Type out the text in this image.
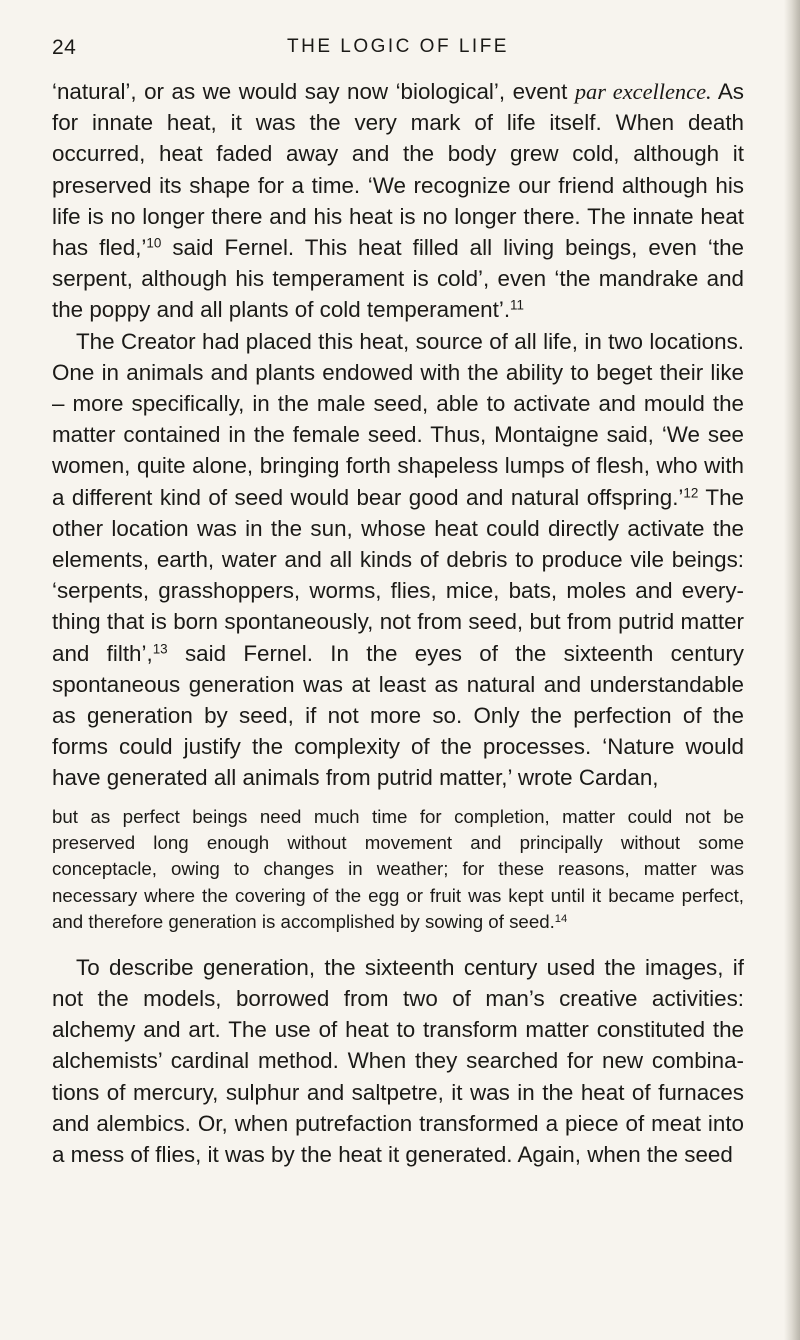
24	THE LOGIC OF LIFE

‘natural’, or as we would say now ‘biological’, event par excellence. As for innate heat, it was the very mark of life itself. When death occurred, heat faded away and the body grew cold, although it preserved its shape for a time. ‘We recognize our friend although his life is no longer there and his heat is no longer there. The innate heat has fled,’$^{10}$ said Fernel. This heat filled all living beings, even ‘the serpent, although his temperament is cold’, even ‘the mandrake and the poppy and all plants of cold temperament’.$^{11}$

The Creator had placed this heat, source of all life, in two locations. One in animals and plants endowed with the ability to beget their like – more specifically, in the male seed, able to activate and mould the matter contained in the female seed. Thus, Montaigne said, ‘We see women, quite alone, bringing forth shapeless lumps of flesh, who with a different kind of seed would bear good and natural offspring.’$^{12}$ The other location was in the sun, whose heat could directly activate the elements, earth, water and all kinds of debris to produce vile beings: ‘serpents, grasshoppers, worms, flies, mice, bats, moles and every-thing that is born spontaneously, not from seed, but from putrid matter and filth’,$^{13}$ said Fernel. In the eyes of the sixteenth century spontaneous generation was at least as natural and understandable as generation by seed, if not more so. Only the perfection of the forms could justify the complexity of the processes. ‘Nature would have generated all animals from putrid matter,’ wrote Cardan,

but as perfect beings need much time for completion, matter could not be preserved long enough without movement and principally without some conceptacle, owing to changes in weather; for these reasons, matter was necessary where the covering of the egg or fruit was kept until it became perfect, and therefore generation is accomplished by sowing of seed.$^{14}$

To describe generation, the sixteenth century used the images, if not the models, borrowed from two of man’s creative activities: alchemy and art. The use of heat to transform matter constituted the alchemists’ cardinal method. When they searched for new combina-tions of mercury, sulphur and saltpetre, it was in the heat of furnaces and alembics. Or, when putrefaction transformed a piece of meat into a mess of flies, it was by the heat it generated. Again, when the seed
